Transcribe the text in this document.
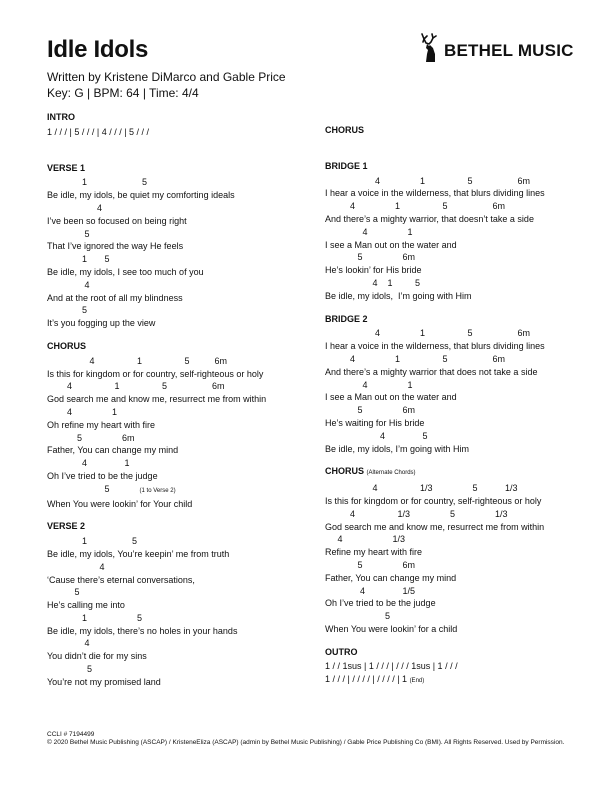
Idle Idols	BETHEL MUSIC
Written by Kristene DiMarco and Gable Price
Key: G | BPM: 64 | Time: 4/4
INTRO
1 / / / | 5 / / / | 4 / / / | 5 / / /
VERSE 1
1                      5
Be idle, my idols, be quiet my comforting ideals
4
I’ve been so focused on being right
5
That I’ve ignored the way He feels
1       5
Be idle, my idols, I see too much of you
4
And at the root of all my blindness
5
It’s you fogging up the view
CHORUS
4                 1                 5          6m
Is this for kingdom or for country, self-righteous or holy
4                 1                 5                  6m
God search me and know me, resurrect me from within
4                1
Oh refine my heart with fire
5                6m
Father, You can change my mind
4               1
Oh I’ve tried to be the judge
5	(1 to Verse 2)
When You were lookin’ for Your child
VERSE 2
1                  5
Be idle, my idols, You’re keepin’ me from truth
4
‘Cause there’s eternal conversations,
5
He’s calling me into
1                    5
Be idle, my idols, there’s no holes in your hands
4
You didn’t die for my sins
5
You’re not my promised land
CHORUS
BRIDGE 1
4                1                 5                  6m
I hear a voice in the wilderness, that blurs dividing lines
4                1                 5                  6m
And there’s a mighty warrior, that doesn’t take a side
4                1
I see a Man out on the water and
5                6m
He’s lookin’ for His bride
4    1         5
Be idle, my idols,  I’m going with Him
BRIDGE 2
4                1                 5                  6m
I hear a voice in the wilderness, that blurs dividing lines
4                1                 5                  6m
And there’s a mighty warrior that does not take a side
4                1
I see a Man out on the water and
5                6m
He’s waiting for His bride
4               5
Be idle, my idols, I’m going with Him
CHORUS (Alternate Chords)
4                 1/3                5           1/3
Is this for kingdom or for country, self-righteous or holy
4                 1/3                5                1/3
God search me and know me, resurrect me from within
4                    1/3
Refine my heart with fire
5                6m
Father, You can change my mind
4               1/5
Oh I’ve tried to be the judge
5
When You were lookin’ for a child
OUTRO
1 / / 1sus | 1 / / / | / / / 1sus | 1 / / /
1 / / / | / / / / | / / / / | 1 (End)
CCLI # 7194499
© 2020 Bethel Music Publishing (ASCAP) / KristeneEliza (ASCAP) (admin by Bethel Music Publishing) / Gable Price Publishing Co (BMI). All Rights Reserved. Used by Permission.
